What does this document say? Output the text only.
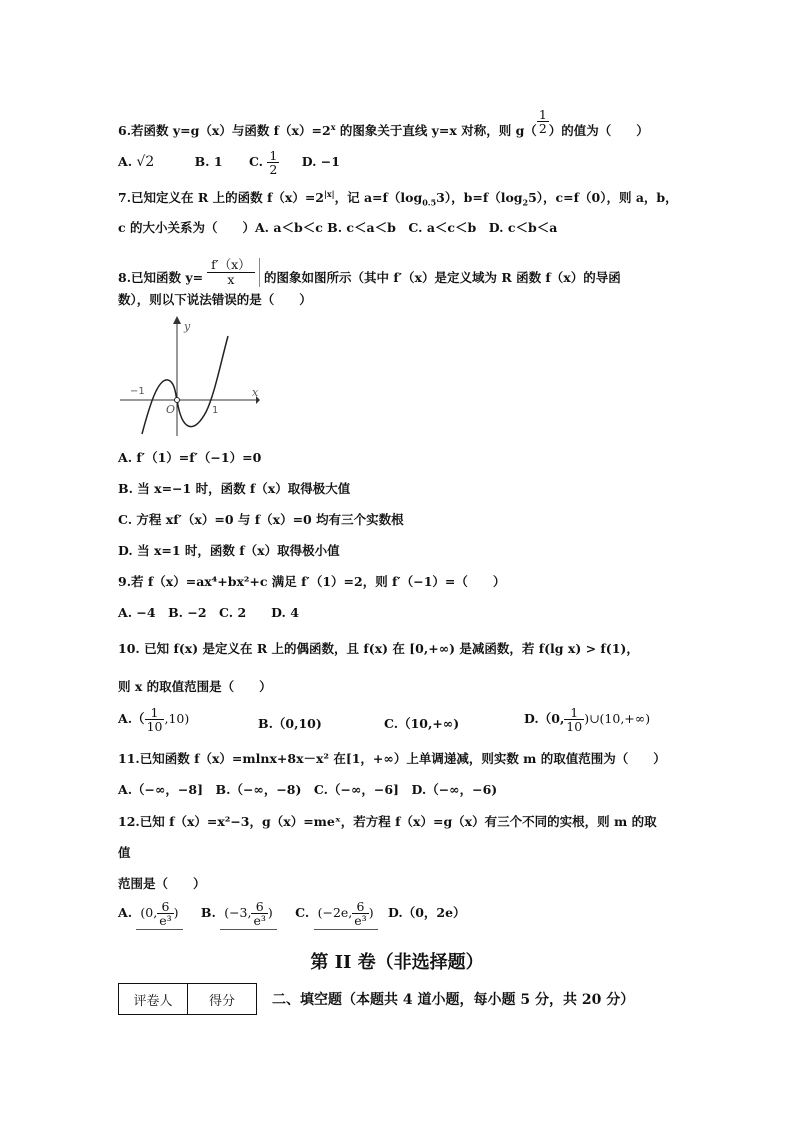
6.若函数 y=g（x）与函数 $f(x)=2^x$ 的图象关于直线 y=x 对称，则 $g( \frac{1}{2}$ ）的值为（　　）
A. √2	B. 1 C. $\frac{1}{2} D$. −1
7.已知定义在 R 上的函数 $f(x)=2^{|x|}$，记 $a=f(\log_{0.5}3)$，$b=f(\log_25)$，c=f（0），则 a，b，
c 的大小关系为（　　）A. a＜b＜c B. c＜a＜b　C. a＜c＜b　D. c＜b＜a
8.已知函数 $y= \frac{f'(x)}{x}$ 的图象如图所示（其中 f′（x）是定义域为 R 函数 f（x）的导函
数），则以下说法错误的是（　　）
y
x
O
−1
1
A. f′（1）=f′（−1）=0
B. 当 x=−1 时，函数 f（x）取得极大值
C. 方程 xf′（x）=0 与 f（x）=0 均有三个实数根
D. 当 x=1 时，函数 f（x）取得极小值
9.若 f（x）=ax⁴+bx²+c 满足 f′（1）=2，则 f′（−1）=（　　）
A. −4　B. −2　C. 2　　D. 4
10. 已知 f(x) 是定义在 R 上的偶函数，且 f(x) 在 [0,+∞) 是减函数，若 f(lg x) > f(1)，
则 x 的取值范围是（　　）
$A.( \frac{1}{10} ,10)$	B.（0,10)	C.（10,+∞)	D.（0, $\frac{1}{10}$ )∪(10,+∞)
11.已知函数 f（x）=mlnx+8x－x² 在[1，+∞）上单调递减，则实数 m 的取值范围为（　　）
A.（−∞，−8]　B.（−∞，−8)　C.（−∞，−6]　D.（−∞，−6)
12.已知 f（x）=x²−3，g（x）=meˣ，若方程 f（x）=g（x）有三个不同的实根，则 m 的取
值
范围是（　　）
A. (0, $\frac{6}{\text{e³}}$ ) B. (−3, $\frac{6}{\text{e³}}$ ) C. (−2e, $\frac{6}{\text{e³}}$ ) D.（0，2e）
第 II 卷（非选择题）
评卷人	得分	二、填空题（本题共 4 道小题，每小题 5 分，共 20 分）
